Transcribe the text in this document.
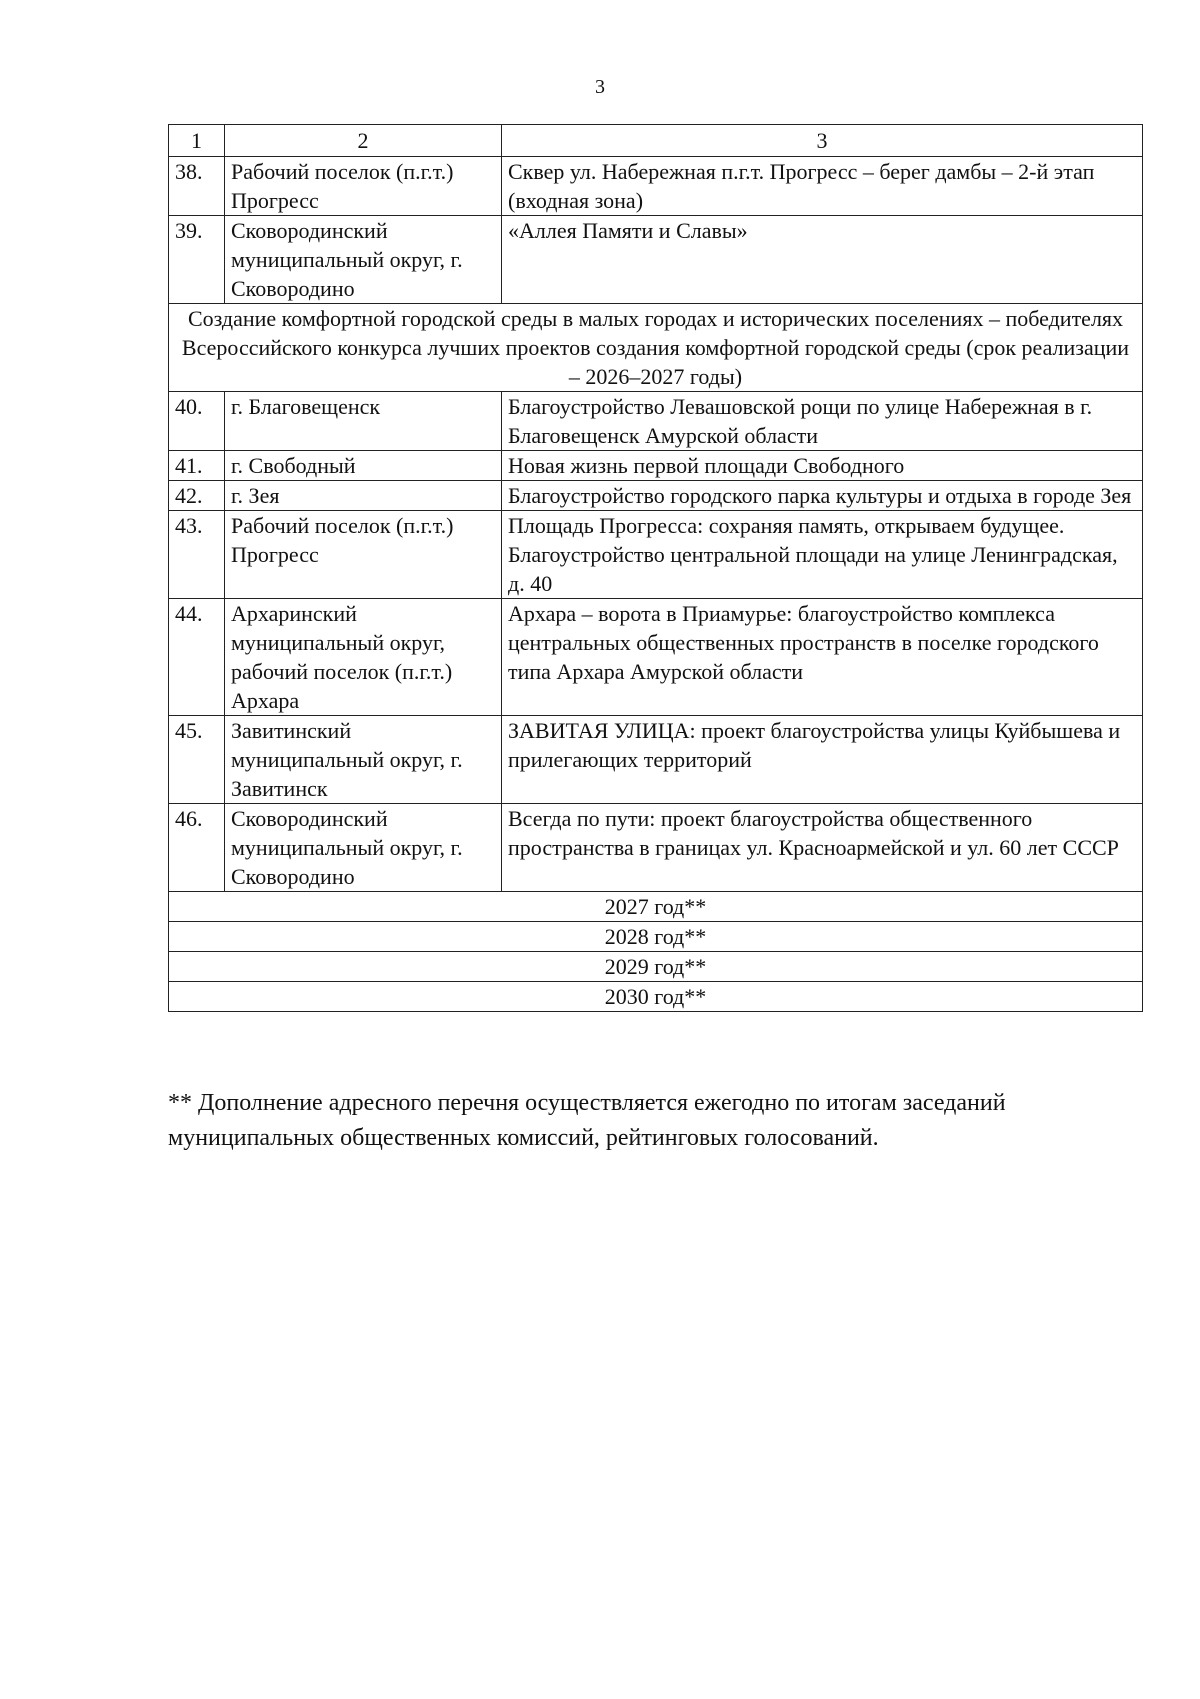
3
1	2	3
38.	Рабочий поселок (п.г.т.) Прогресс	Сквер ул. Набережная п.г.т. Прогресс – берег дамбы – 2-й этап (входная зона)
39.	Сковородинский муниципальный округ, г. Сковородино	«Аллея Памяти и Славы»
Создание комфортной городской среды в малых городах и исторических поселениях – победителях Всероссийского конкурса лучших проектов создания комфортной городской среды (срок реализации – 2026–2027 годы)		
40.	г. Благовещенск	Благоустройство Левашовской рощи по улице Набережная в г. Благовещенск Амурской области
41.	г. Свободный	Новая жизнь первой площади Свободного
42.	г. Зея	Благоустройство городского парка культуры и отдыха в городе Зея
43.	Рабочий поселок (п.г.т.) Прогресс	Площадь Прогресса: сохраняя память, открываем будущее. Благоустройство центральной площади на улице Ленинградская, д. 40
44.	Архаринский муниципальный округ, рабочий поселок (п.г.т.) Архара	Архара – ворота в Приамурье: благоустройство комплекса центральных общественных пространств в поселке городского типа Архара Амурской области
45.	Завитинский муниципальный округ, г. Завитинск	ЗАВИТАЯ УЛИЦА: проект благоустройства улицы Куйбышева и прилегающих территорий
46.	Сковородинский муниципальный округ, г. Сковородино	Всегда по пути: проект благоустройства общественного пространства в границах ул. Красноармейской и ул. 60 лет СССР
2027 год**		
2028 год**		
2029 год**		
2030 год**		
** Дополнение адресного перечня осуществляется ежегодно по итогам заседаний муниципальных общественных комиссий, рейтинговых голосований.
